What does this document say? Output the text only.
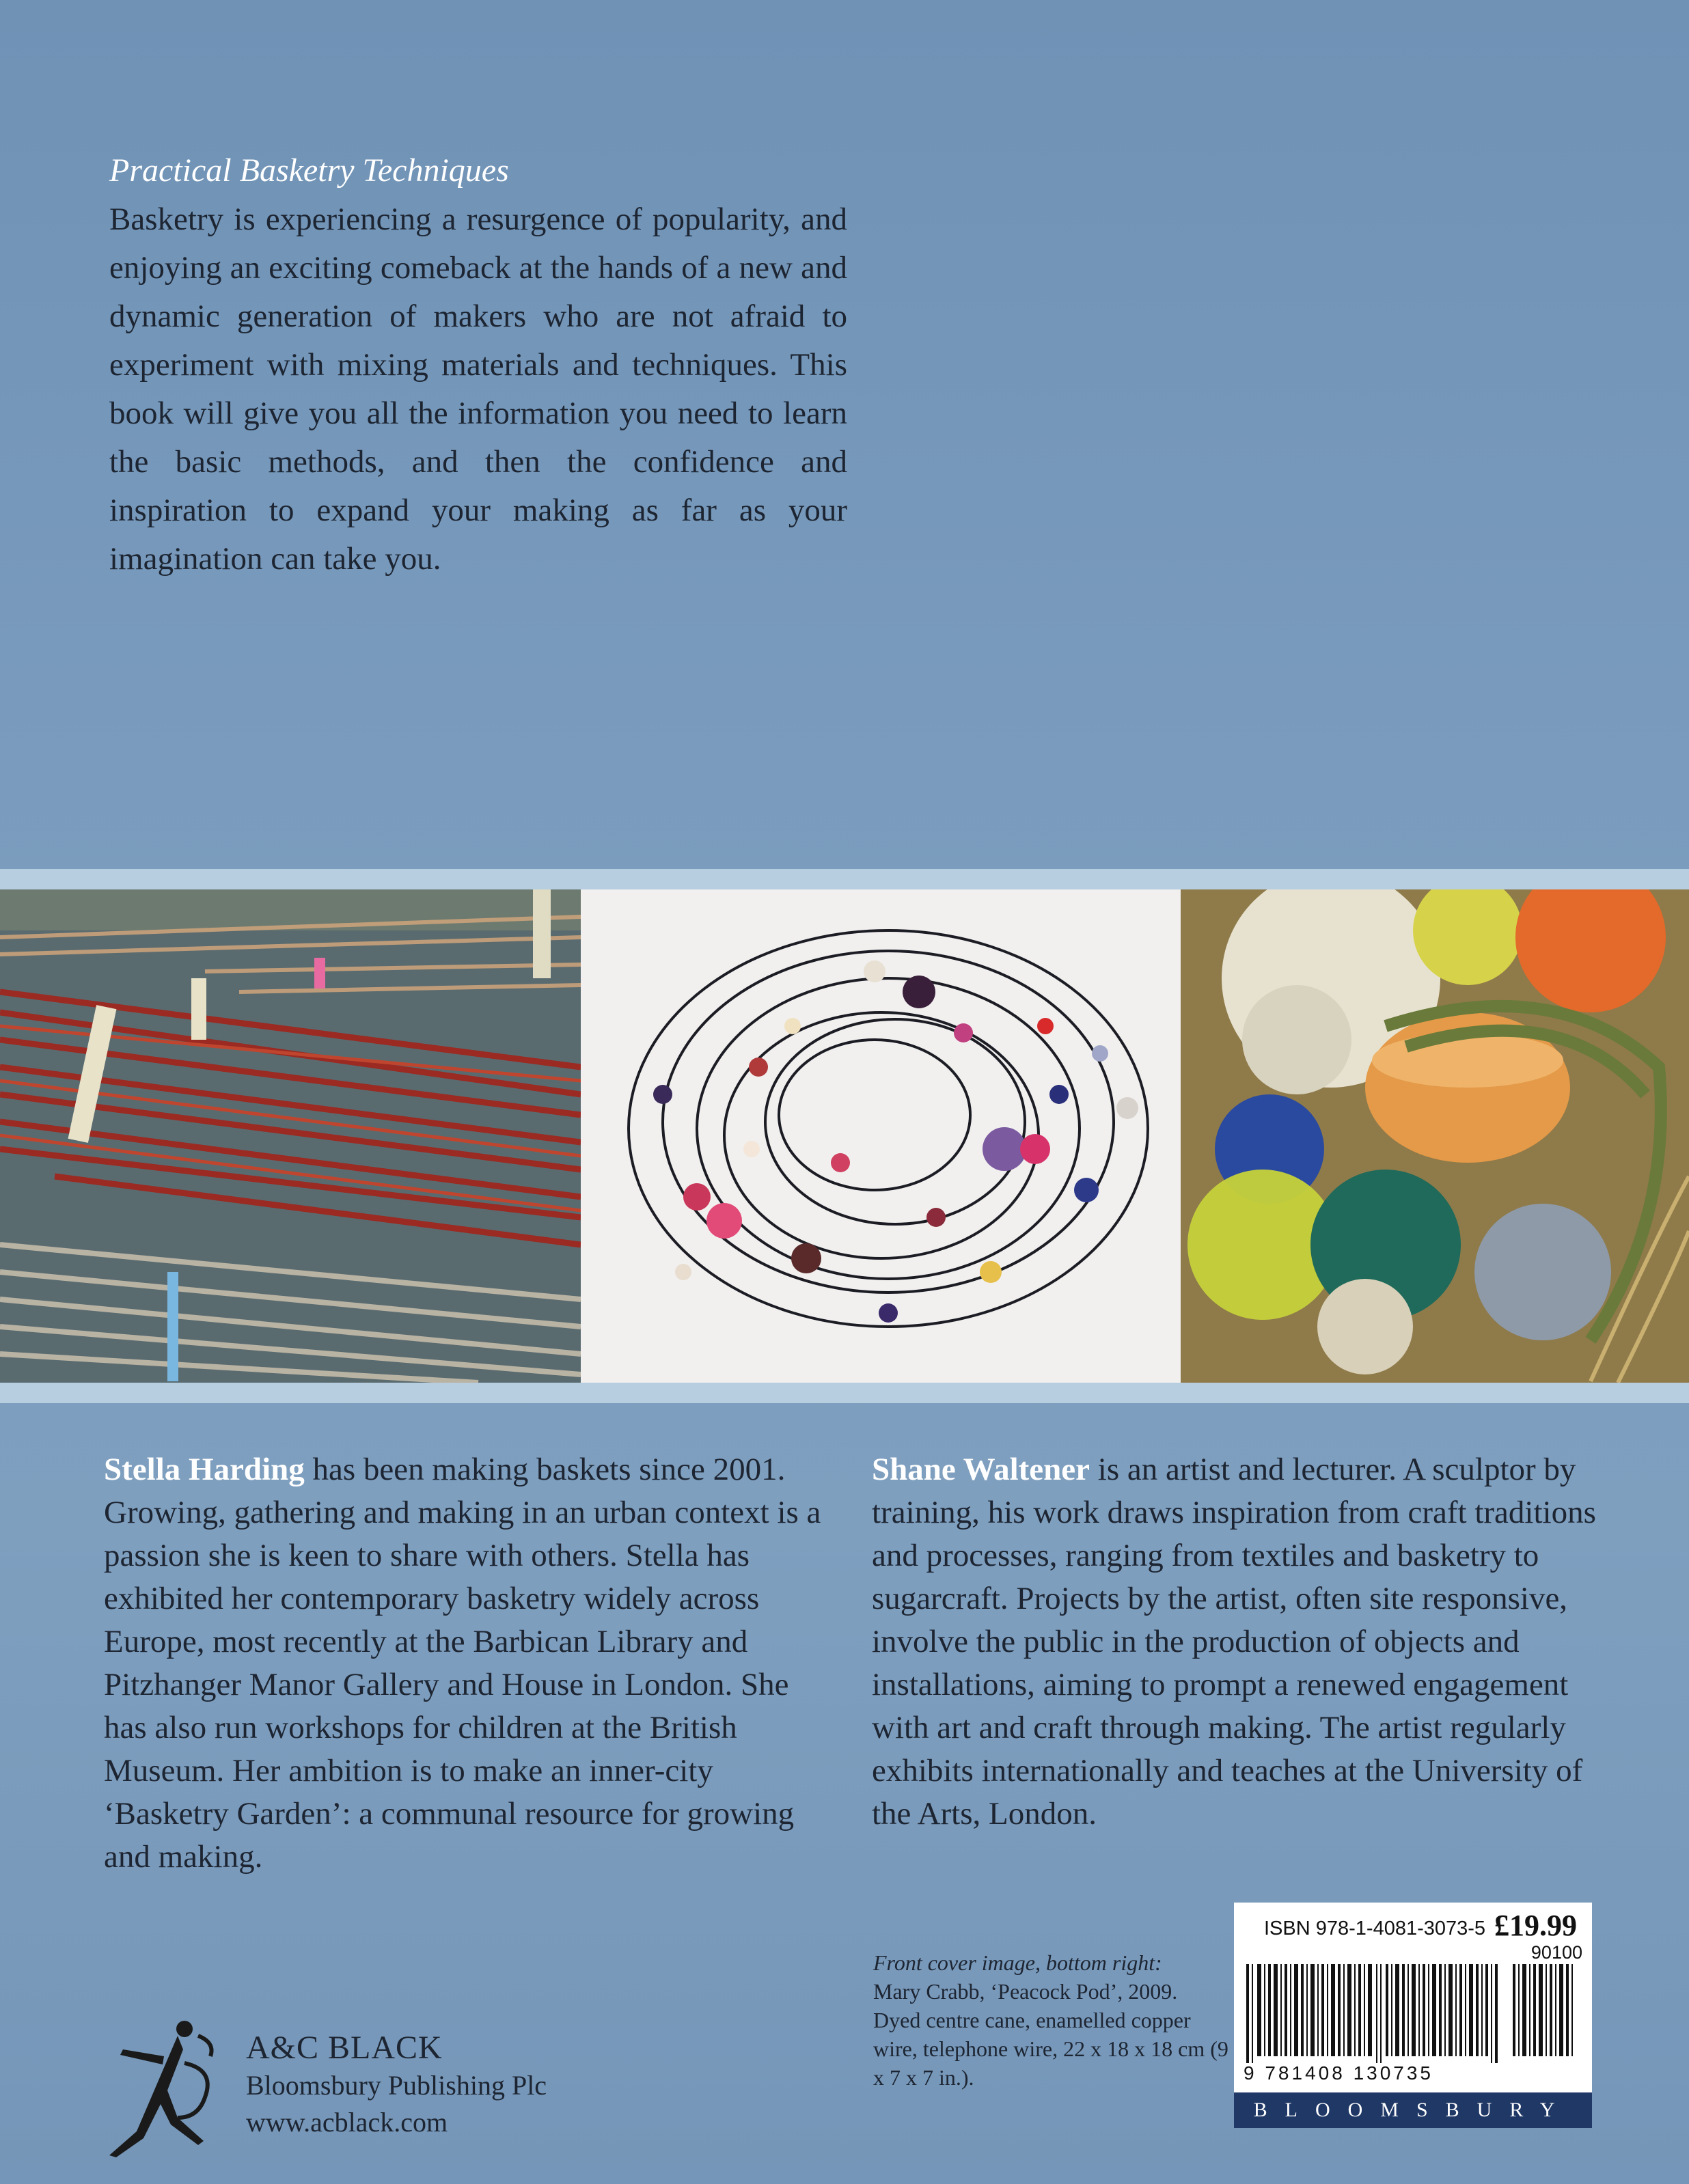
Practical Basketry Techniques

Basketry is experiencing a resurgence of popularity, and enjoying an exciting comeback at the hands of a new and dynamic generation of makers who are not afraid to experiment with mixing materials and techniques. This book will give you all the information you need to learn the basic methods, and then the confidence and inspiration to expand your making as far as your imagination can take you.

Stella Harding has been making baskets since 2001. Growing, gathering and making in an urban context is a passion she is keen to share with others. Stella has exhibited her contemporary basketry widely across Europe, most recently at the Barbican Library and Pitzhanger Manor Gallery and House in London. She has also run workshops for children at the British Museum. Her ambition is to make an inner-city ‘Basketry Garden’: a communal resource for growing and making.
Shane Waltener is an artist and lecturer. A sculptor by training, his work draws inspiration from craft traditions and processes, ranging from textiles and basketry to sugarcraft. Projects by the artist, often site responsive, involve the public in the production of objects and installations, aiming to prompt a renewed engagement with art and craft through making. The artist regularly exhibits internationally and teaches at the University of the Arts, London.
Front cover image, bottom right:
Mary Crabb, ‘Peacock Pod’, 2009. Dyed centre cane, enamelled copper wire, telephone wire, 22 x 18 x 18 cm (9 x 7 x 7 in.).
A&C BLACK
Bloomsbury Publishing Plc
www.acblack.com
ISBN 978-1-4081-3073-5 £19.99
90100
9 781408 130735
BLOOMSBURY
